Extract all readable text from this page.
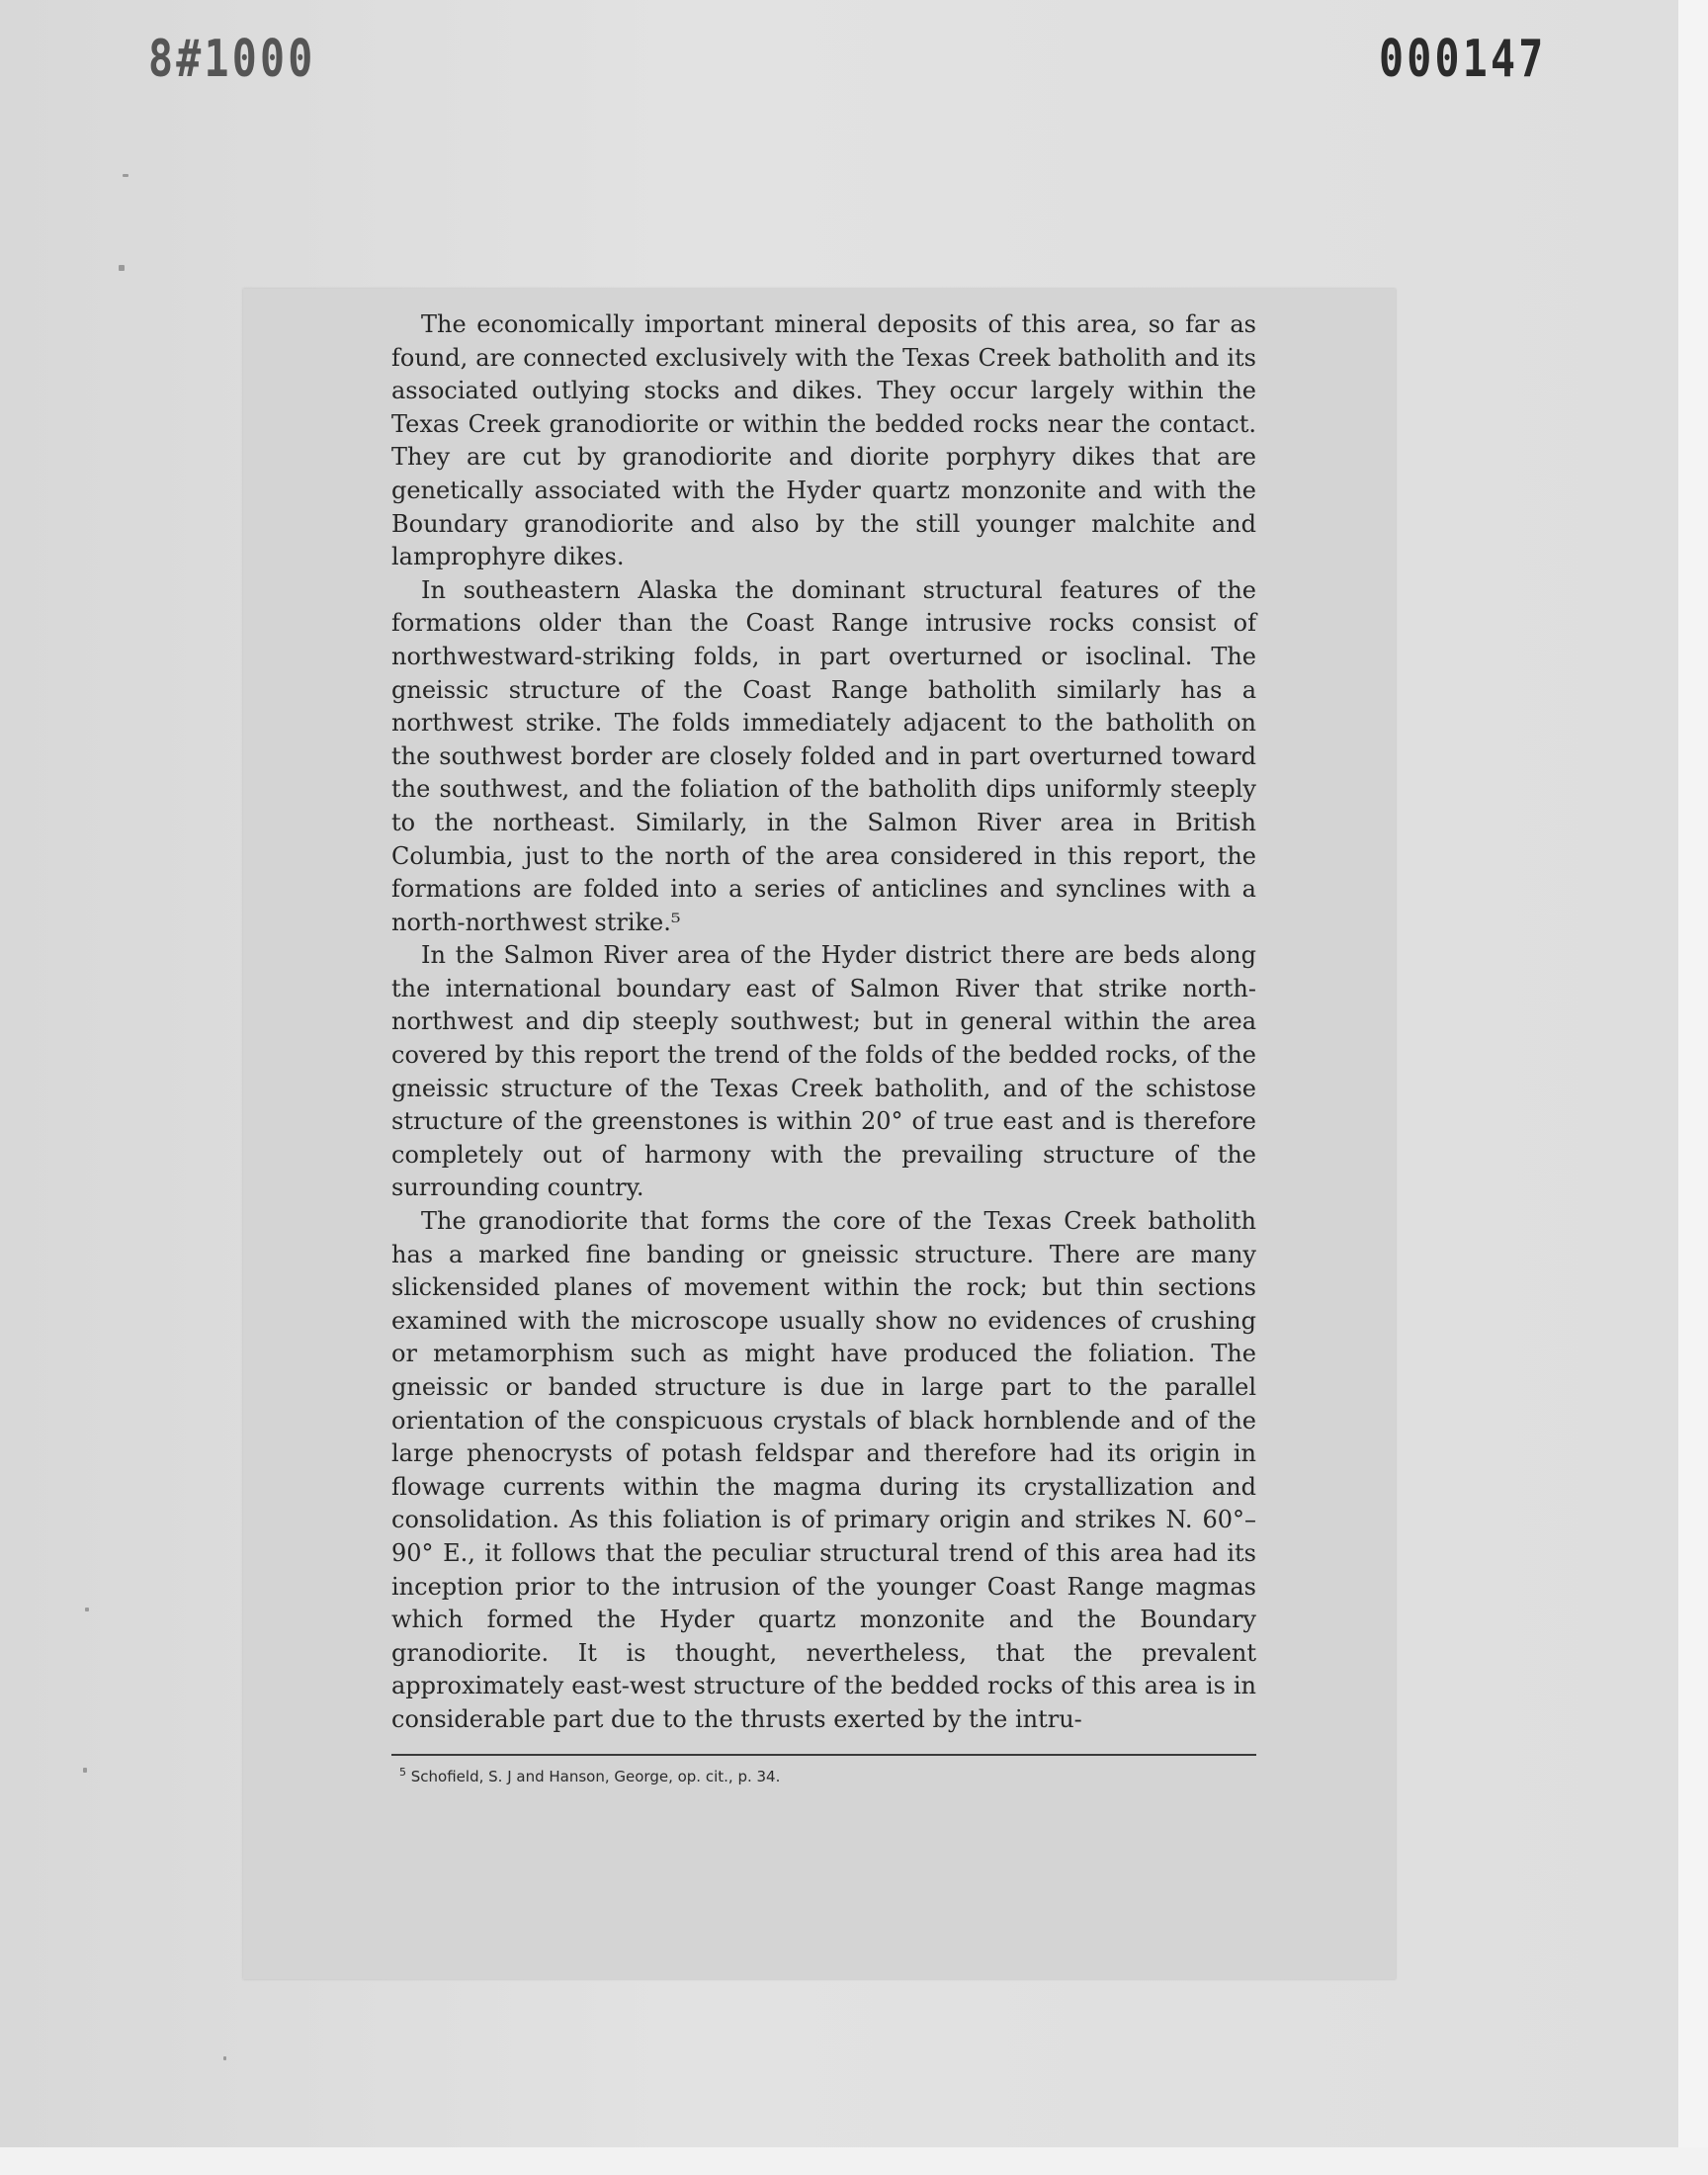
8#1000	000147

The economically important mineral deposits of this area, so far as found, are connected exclusively with the Texas Creek batholith and its associated outlying stocks and dikes. They occur largely within the Texas Creek granodiorite or within the bedded rocks near the contact. They are cut by granodiorite and diorite porphyry dikes that are genetically associated with the Hyder quartz monzonite and with the Boundary granodiorite and also by the still younger malchite and lamprophyre dikes.

In southeastern Alaska the dominant structural features of the formations older than the Coast Range intrusive rocks consist of northwestward-striking folds, in part overturned or isoclinal. The gneissic structure of the Coast Range batholith similarly has a northwest strike. The folds immediately adjacent to the batholith on the southwest border are closely folded and in part overturned toward the southwest, and the foliation of the batholith dips uniformly steeply to the northeast. Similarly, in the Salmon River area in British Columbia, just to the north of the area considered in this report, the formations are folded into a series of anticlines and synclines with a north-northwest strike.⁵

In the Salmon River area of the Hyder district there are beds along the international boundary east of Salmon River that strike north-northwest and dip steeply southwest; but in general within the area covered by this report the trend of the folds of the bedded rocks, of the gneissic structure of the Texas Creek batholith, and of the schistose structure of the greenstones is within 20° of true east and is therefore completely out of harmony with the prevailing structure of the surrounding country.

The granodiorite that forms the core of the Texas Creek batholith has a marked fine banding or gneissic structure. There are many slickensided planes of movement within the rock; but thin sections examined with the microscope usually show no evidences of crushing or metamorphism such as might have produced the foliation. The gneissic or banded structure is due in large part to the parallel orientation of the conspicuous crystals of black hornblende and of the large phenocrysts of potash feldspar and therefore had its origin in flowage currents within the magma during its crystallization and consolidation. As this foliation is of primary origin and strikes N. 60°–90° E., it follows that the peculiar structural trend of this area had its inception prior to the intrusion of the younger Coast Range magmas which formed the Hyder quartz monzonite and the Boundary granodiorite. It is thought, nevertheless, that the prevalent approximately east-west structure of the bedded rocks of this area is in considerable part due to the thrusts exerted by the intru-

$^5$ Schofield, S. J and Hanson, George, op. cit., p. 34.
